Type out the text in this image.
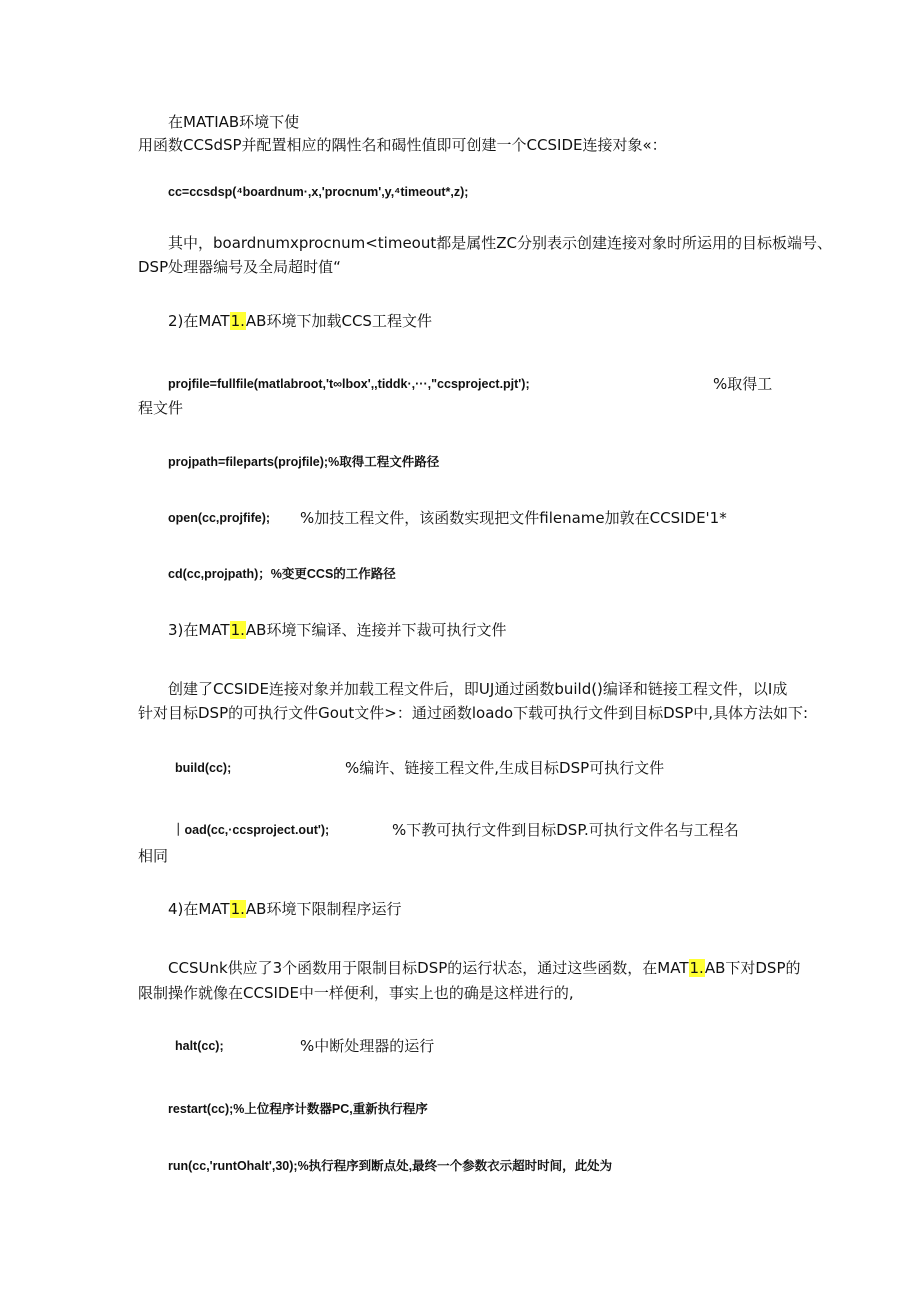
在MATIAB环境下使
用函数CCSdSP并配置相应的隅性名和碣性值即可创建一个CCSIDE连接对象«：
cc=ccsdsp(⁴boardnum·,x,'procnum',y,⁴timeout*,z);
其中，boardnumxprocnum<timeout都是属性ZC分别表示创建连接对象时所运用的目标板端号、
DSP处理器编号及全局超时值“
2)在MAT1.AB环境下加载CCS工程文件
projfile=fullfile(matlabroot,'t∞lbox',,tiddk·,···,"ccsproject.pjt');	%取得工
程文件
projpath=fileparts(projfile);%取得工程文件路径
open(cc,projfife); %加技工程文件，该函数实现把文件filename加敦在CCSIDE'1*
cd(cc,projpath)；%变更CCS的工作路径
3)在MAT1.AB环境下编译、连接并下裁可执行文件
创建了CCSIDE连接对象并加载工程文件后，即UJ通过函数build()编译和链接工程文件，以I成
针对目标DSP的可执行文件Gout文件>：通过函数loado下载可执行文件到目标DSP中,具体方法如下:
build(cc);	%编许、链接工程文件,生成目标DSP可执行文件
｜oad(cc,·ccsproject.out');	%下教可执行文件到目标DSP.可执行文件名与工程名
相同
4)在MAT1.AB环境下限制程序运行
CCSUnk供应了3个函数用于限制目标DSP的运行状态，通过这些函数，在MAT1.AB下对DSP的
限制操作就像在CCSIDE中一样便利，事实上也的确是这样进行的,
halt(cc);	%中断处理器的运行
restart(cc);%上位程序计数器PC,重新执行程序
run(cc,'runtOhalt',30);%执行程序到断点处,最终一个参数衣示超时时间，此处为
